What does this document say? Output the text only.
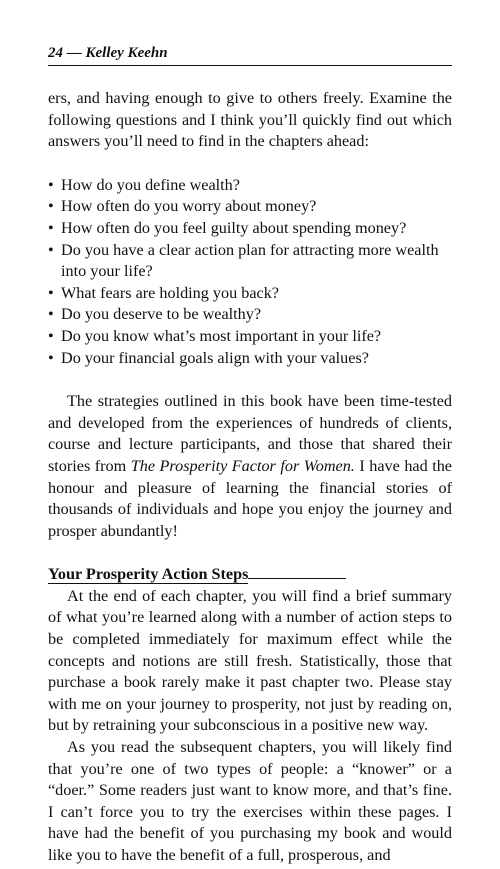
24 — Kelley Keehn

ers, and having enough to give to others freely. Examine the following questions and I think you’ll quickly find out which answers you’ll need to find in the chapters ahead:

• How do you define wealth?
• How often do you worry about money?
• How often do you feel guilty about spending money?
• Do you have a clear action plan for attracting more wealth into your life?
• What fears are holding you back?
• Do you deserve to be wealthy?
• Do you know what’s most important in your life?
• Do your financial goals align with your values?

The strategies outlined in this book have been time-tested and developed from the experiences of hundreds of clients, course and lecture participants, and those that shared their stories from The Prosperity Factor for Women. I have had the honour and pleasure of learning the financial stories of thousands of individuals and hope you enjoy the journey and prosper abundantly!

Your Prosperity Action Steps

At the end of each chapter, you will find a brief summary of what you’re learned along with a number of action steps to be completed immediately for maximum effect while the concepts and notions are still fresh. Statistically, those that purchase a book rarely make it past chapter two. Please stay with me on your journey to prosperity, not just by reading on, but by retraining your subconscious in a positive new way.

As you read the subsequent chapters, you will likely find that you’re one of two types of people: a “knower” or a “doer.” Some readers just want to know more, and that’s fine. I can’t force you to try the exercises within these pages. I have had the benefit of you purchasing my book and would like you to have the benefit of a full, prosperous, and
